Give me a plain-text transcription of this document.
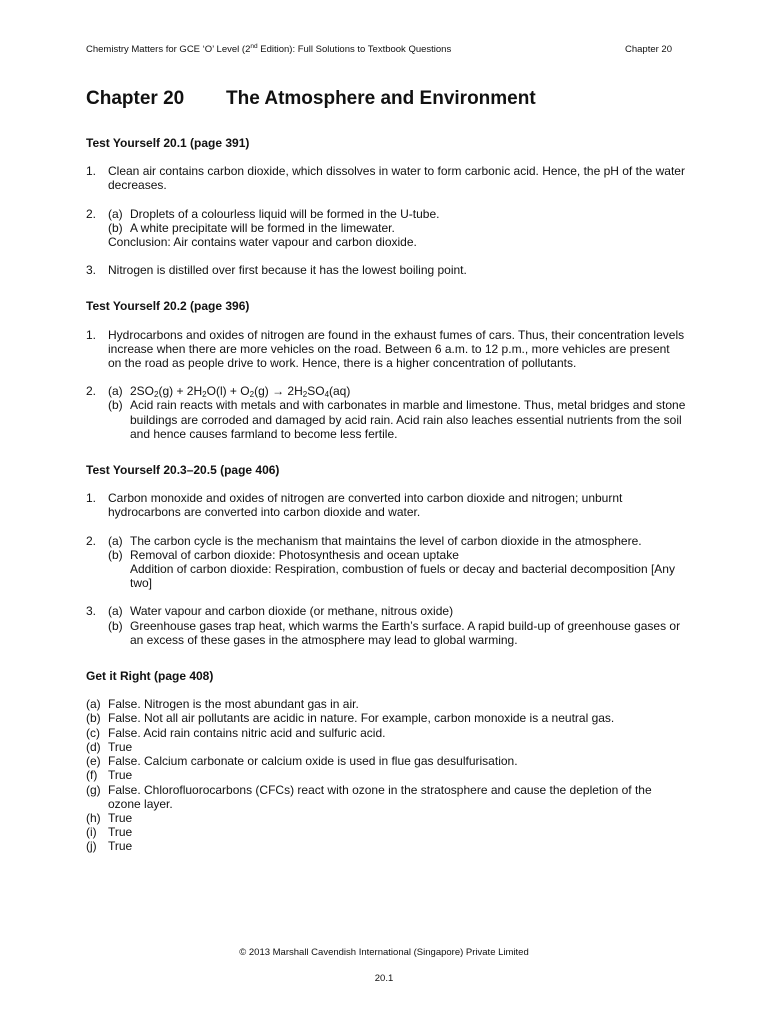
Chemistry Matters for GCE ‘O’ Level (2nd Edition): Full Solutions to Textbook Questions	Chapter 20
Chapter 20 The Atmosphere and Environment
Test Yourself 20.1 (page 391)
1. Clean air contains carbon dioxide, which dissolves in water to form carbonic acid. Hence, the pH of the water decreases.
2. (a) Droplets of a colourless liquid will be formed in the U-tube.
(b) A white precipitate will be formed in the limewater.
Conclusion: Air contains water vapour and carbon dioxide.
3. Nitrogen is distilled over first because it has the lowest boiling point.
Test Yourself 20.2 (page 396)
1. Hydrocarbons and oxides of nitrogen are found in the exhaust fumes of cars. Thus, their concentration levels increase when there are more vehicles on the road. Between 6 a.m. to 12 p.m., more vehicles are present on the road as people drive to work. Hence, there is a higher concentration of pollutants.
2. (a) $2SO_2(g) + 2H_2O(l) + O_2(g) \to 2H_2SO_4(aq)$
(b) Acid rain reacts with metals and with carbonates in marble and limestone. Thus, metal bridges and stone buildings are corroded and damaged by acid rain. Acid rain also leaches essential nutrients from the soil and hence causes farmland to become less fertile.
Test Yourself 20.3–20.5 (page 406)
1. Carbon monoxide and oxides of nitrogen are converted into carbon dioxide and nitrogen; unburnt hydrocarbons are converted into carbon dioxide and water.
2. (a) The carbon cycle is the mechanism that maintains the level of carbon dioxide in the atmosphere.
(b) Removal of carbon dioxide: Photosynthesis and ocean uptake
Addition of carbon dioxide: Respiration, combustion of fuels or decay and bacterial decomposition [Any two]
3. (a) Water vapour and carbon dioxide (or methane, nitrous oxide)
(b) Greenhouse gases trap heat, which warms the Earth’s surface. A rapid build-up of greenhouse gases or an excess of these gases in the atmosphere may lead to global warming.
Get it Right (page 408)
(a) False. Nitrogen is the most abundant gas in air.
(b) False. Not all air pollutants are acidic in nature. For example, carbon monoxide is a neutral gas.
(c) False. Acid rain contains nitric acid and sulfuric acid.
(d) True
(e) False. Calcium carbonate or calcium oxide is used in flue gas desulfurisation.
(f) True
(g) False. Chlorofluorocarbons (CFCs) react with ozone in the stratosphere and cause the depletion of the ozone layer.
(h) True
(i) True
(j) True
© 2013 Marshall Cavendish International (Singapore) Private Limited
20.1
